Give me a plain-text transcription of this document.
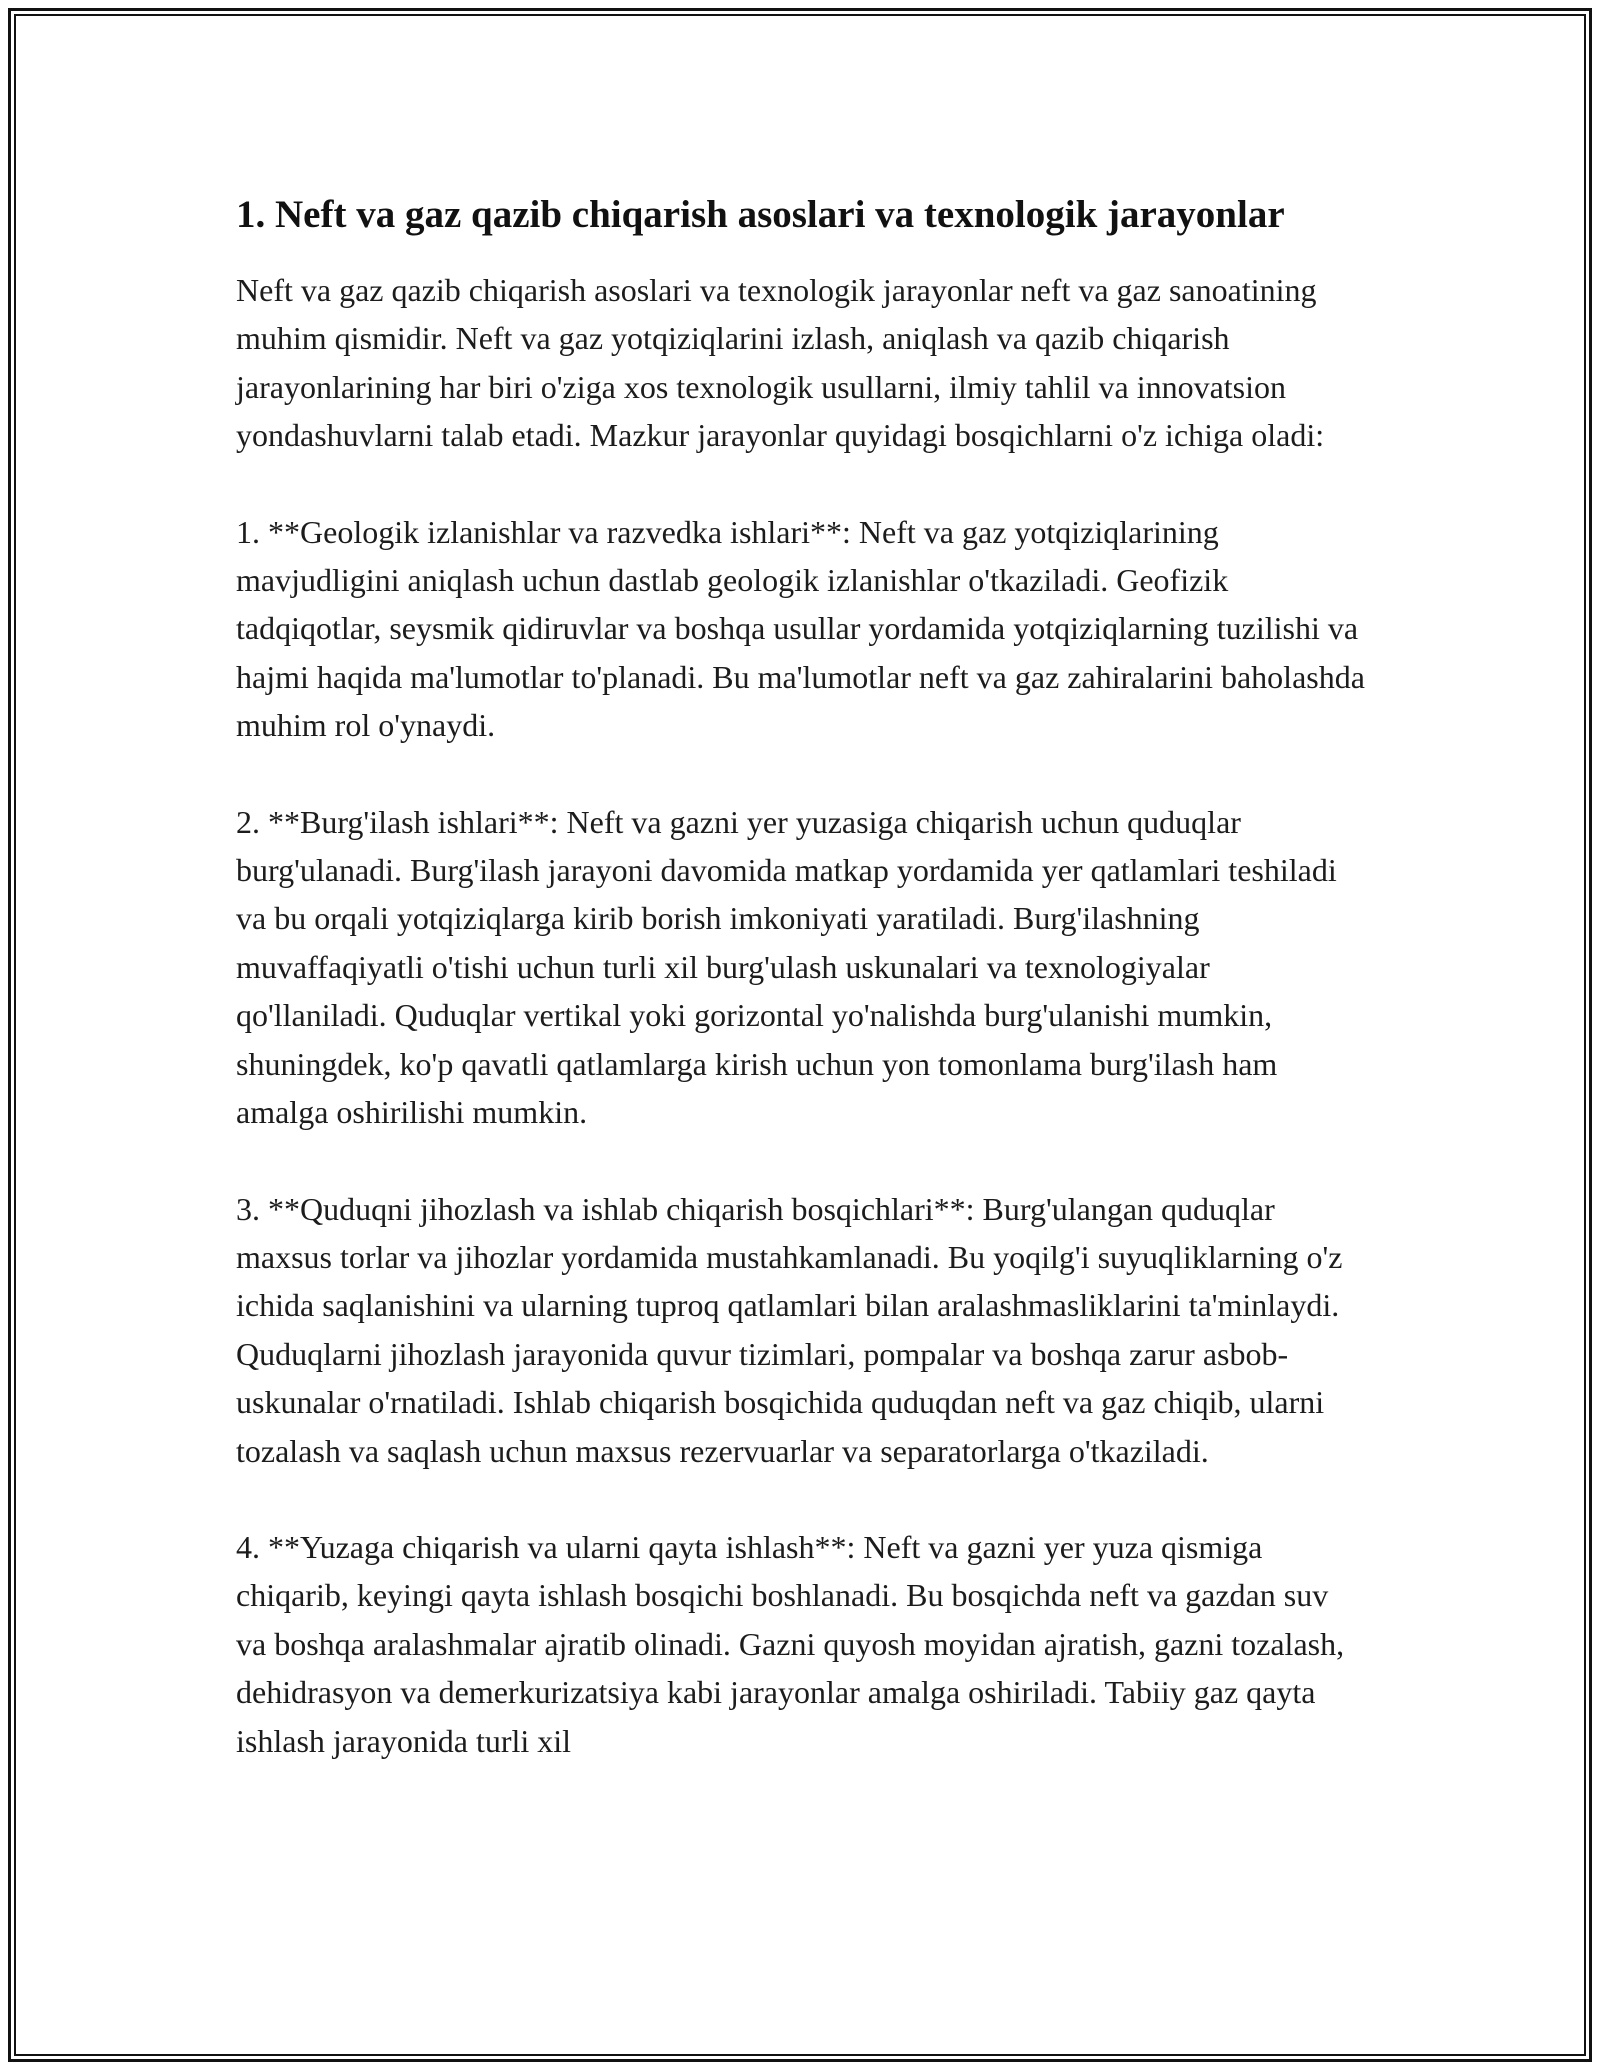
1. Neft va gaz qazib chiqarish asoslari va texnologik jarayonlar

Neft va gaz qazib chiqarish asoslari va texnologik jarayonlar neft va gaz sanoatining muhim qismidir. Neft va gaz yotqiziqlarini izlash, aniqlash va qazib chiqarish jarayonlarining har biri o'ziga xos texnologik usullarni, ilmiy tahlil va innovatsion yondashuvlarni talab etadi. Mazkur jarayonlar quyidagi bosqichlarni o'z ichiga oladi:

1. **Geologik izlanishlar va razvedka ishlari**: Neft va gaz yotqiziqlarining mavjudligini aniqlash uchun dastlab geologik izlanishlar o'tkaziladi. Geofizik tadqiqotlar, seysmik qidiruvlar va boshqa usullar yordamida yotqiziqlarning tuzilishi va hajmi haqida ma'lumotlar to'planadi. Bu ma'lumotlar neft va gaz zahiralarini baholashda muhim rol o'ynaydi.

2. **Burg'ilash ishlari**: Neft va gazni yer yuzasiga chiqarish uchun quduqlar burg'ulanadi. Burg'ilash jarayoni davomida matkap yordamida yer qatlamlari teshiladi va bu orqali yotqiziqlarga kirib borish imkoniyati yaratiladi. Burg'ilashning muvaffaqiyatli o'tishi uchun turli xil burg'ulash uskunalari va texnologiyalar qo'llaniladi. Quduqlar vertikal yoki gorizontal yo'nalishda burg'ulanishi mumkin, shuningdek, ko'p qavatli qatlamlarga kirish uchun yon tomonlama burg'ilash ham amalga oshirilishi mumkin.

3. **Quduqni jihozlash va ishlab chiqarish bosqichlari**: Burg'ulangan quduqlar maxsus torlar va jihozlar yordamida mustahkamlanadi. Bu yoqilg'i suyuqliklarning o'z ichida saqlanishini va ularning tuproq qatlamlari bilan aralashmasliklarini ta'minlaydi. Quduqlarni jihozlash jarayonida quvur tizimlari, pompalar va boshqa zarur asbob-uskunalar o'rnatiladi. Ishlab chiqarish bosqichida quduqdan neft va gaz chiqib, ularni tozalash va saqlash uchun maxsus rezervuarlar va separatorlarga o'tkaziladi.

4. **Yuzaga chiqarish va ularni qayta ishlash**: Neft va gazni yer yuza qismiga chiqarib, keyingi qayta ishlash bosqichi boshlanadi. Bu bosqichda neft va gazdan suv va boshqa aralashmalar ajratib olinadi. Gazni quyosh moyidan ajratish, gazni tozalash, dehidrasyon va demerkurizatsiya kabi jarayonlar amalga oshiriladi. Tabiiy gaz qayta ishlash jarayonida turli xil
